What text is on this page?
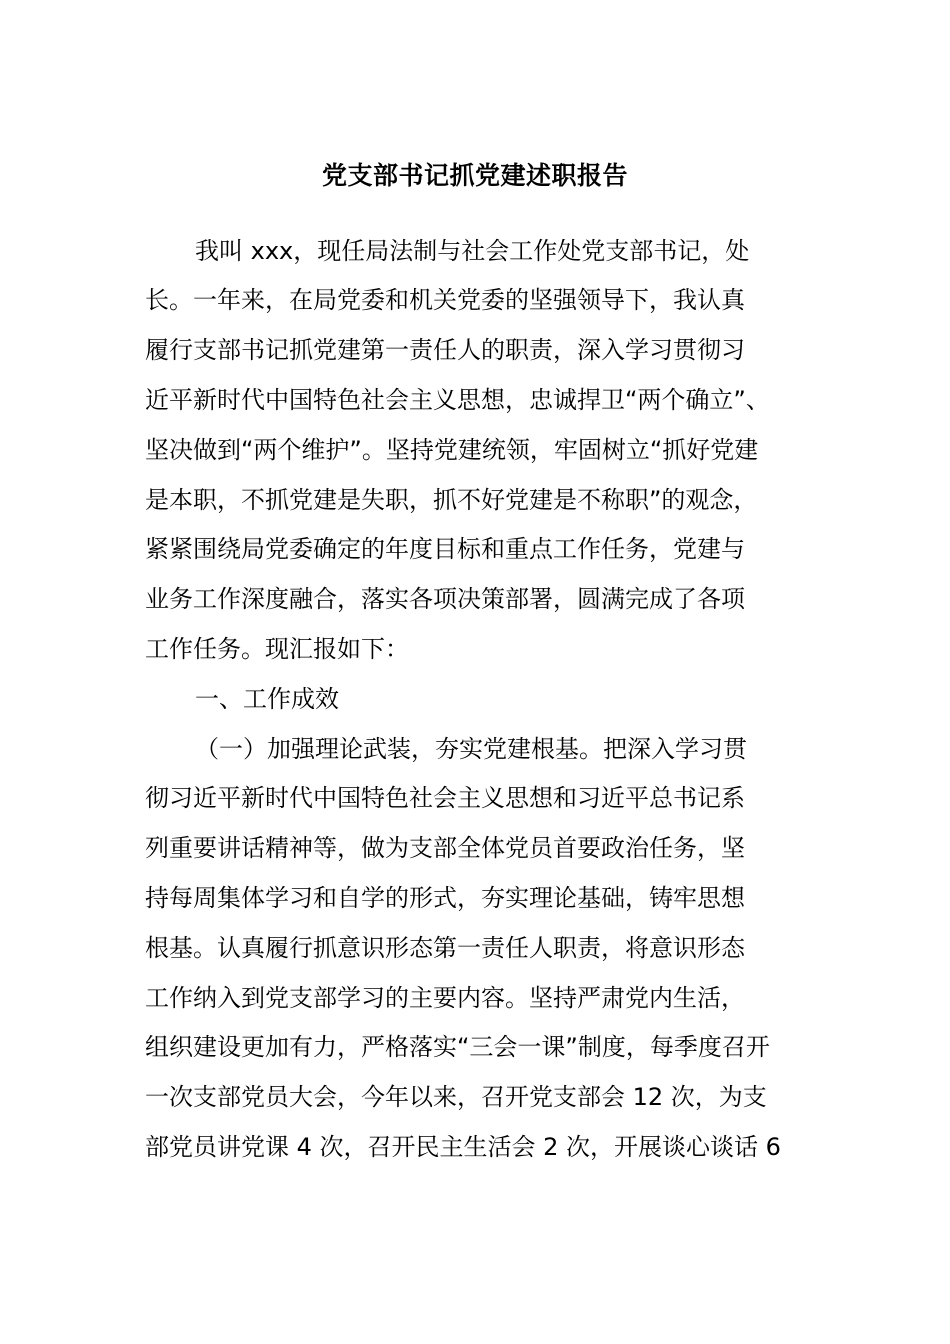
党支部书记抓党建述职报告
我叫 xxx，现任局法制与社会工作处党支部书记，处
长。一年来，在局党委和机关党委的坚强领导下，我认真
履行支部书记抓党建第一责任人的职责，深入学习贯彻习
近平新时代中国特色社会主义思想，忠诚捍卫“两个确立”、
坚决做到“两个维护”。坚持党建统领，牢固树立“抓好党建
是本职，不抓党建是失职，抓不好党建是不称职”的观念，
紧紧围绕局党委确定的年度目标和重点工作任务，党建与
业务工作深度融合，落实各项决策部署，圆满完成了各项
工作任务。现汇报如下：
一、工作成效
（一）加强理论武装，夯实党建根基。把深入学习贯
彻习近平新时代中国特色社会主义思想和习近平总书记系
列重要讲话精神等，做为支部全体党员首要政治任务，坚
持每周集体学习和自学的形式，夯实理论基础，铸牢思想
根基。认真履行抓意识形态第一责任人职责，将意识形态
工作纳入到党支部学习的主要内容。坚持严肃党内生活，
组织建设更加有力，严格落实“三会一课”制度，每季度召开
一次支部党员大会，今年以来，召开党支部会 12 次，为支
部党员讲党课 4 次，召开民主生活会 2 次，开展谈心谈话 6
